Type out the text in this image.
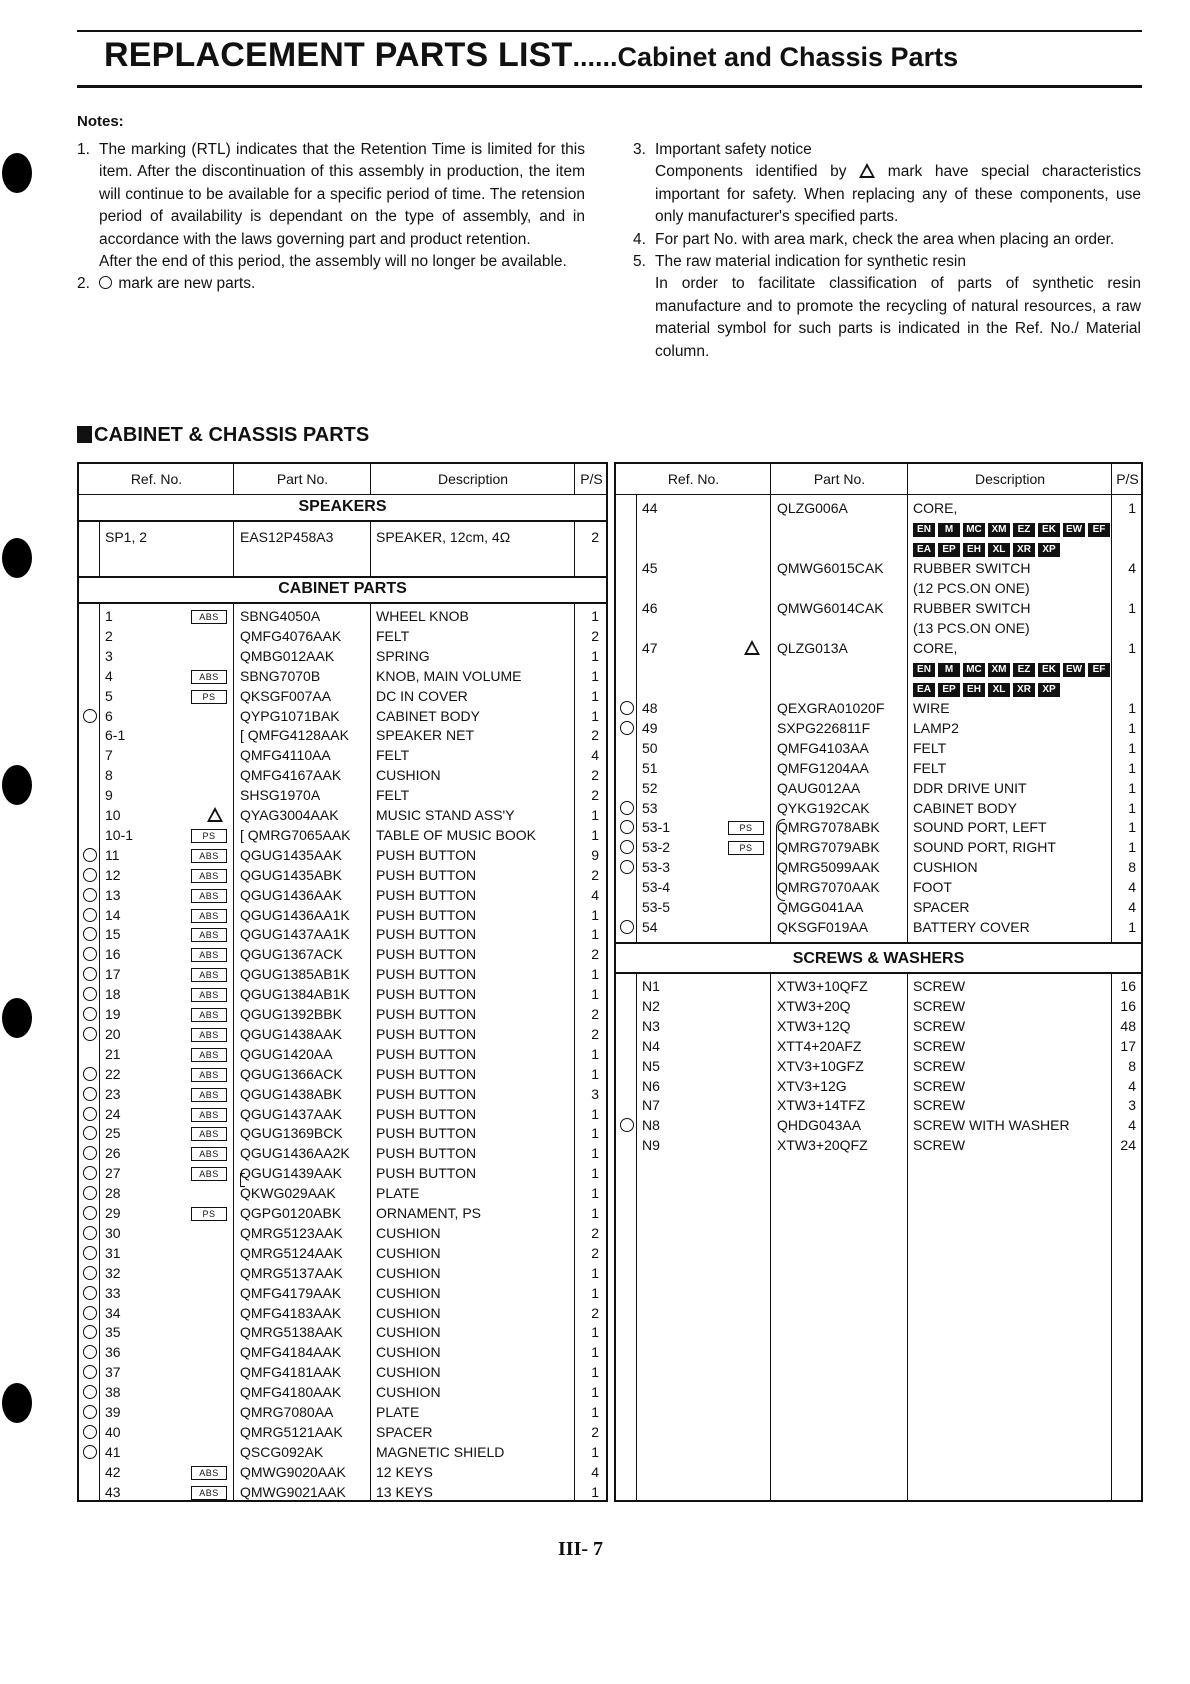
REPLACEMENT PARTS LIST......Cabinet and Chassis Parts
Notes:
1. The marking (RTL) indicates that the Retention Time is limited for this item. After the discontinuation of this assembly in production, the item will continue to be available for a specific period of time. The retension period of availability is dependant on the type of assembly, and in accordance with the laws governing part and product retention.

After the end of this period, the assembly will no longer be available.

2.	mark are new parts.

3. Important safety notice

Components identified by	mark have special characteristics important for safety. When replacing any of these components, use only manufacturer's specified parts.

4. For part No. with area mark, check the area when placing an order.

5. The raw material indication for synthetic resin

In order to facilitate classification of parts of synthetic resin manufacture and to promote the recycling of natural resources, a raw material symbol for such parts is indicated in the Ref. No./ Material column.

CABINET & CHASSIS PARTS
Ref. No.	Part No.	Description	P/S
SPEAKERS
SP1, 2	EAS12P458A3	SPEAKER, 12cm, 4Ω	2
CABINET PARTS
1	ABS	SBNG4050A	WHEEL KNOB	1
2	QMFG4076AAK FELT	2
3	QMBG012AAK	SPRING	1
4	ABS	SBNG7070B	KNOB, MAIN VOLUME	1
5	PS	QKSGF007AA	DC IN COVER	1
6	QYPG1071BAK	CABINET BODY	1
6-1	[ QMFG4128AAK SPEAKER NET	2
7	QMFG4110AA	FELT	4
8	QMFG4167AAK CUSHION	2
9	SHSG1970A	FELT	2
10	QYAG3004AAK	MUSIC STAND ASS'Y	1
10-1	PS	[ QMRG7065AAK TABLE OF MUSIC BOOK	1
11	ABS	QGUG1435AAK PUSH BUTTON	9
12	ABS	QGUG1435ABK PUSH BUTTON	2
13	ABS	QGUG1436AAK PUSH BUTTON	4
14	ABS	QGUG1436AA1K PUSH BUTTON	1
15	ABS	QGUG1437AA1K PUSH BUTTON	1
16	ABS	QGUG1367ACK PUSH BUTTON	2
17	ABS	QGUG1385AB1K PUSH BUTTON	1
18	ABS	QGUG1384AB1K PUSH BUTTON	1
19	ABS	QGUG1392BBK PUSH BUTTON	2
20	ABS	QGUG1438AAK PUSH BUTTON	2
21	ABS	QGUG1420AA	PUSH BUTTON	1
22	ABS	QGUG1366ACK PUSH BUTTON	1
23	ABS	QGUG1438ABK PUSH BUTTON	3
24	ABS	QGUG1437AAK PUSH BUTTON	1
25	ABS	QGUG1369BCK PUSH BUTTON	1
26	ABS	QGUG1436AA2K PUSH BUTTON	1
27	ABS	QGUG1439AAK PUSH BUTTON	1
28	QKWG029AAK	PLATE	1
29	PS	QGPG0120ABK ORNAMENT, PS	1
30	QMRG5123AAK CUSHION	2
31	QMRG5124AAK CUSHION	2
32	QMRG5137AAK CUSHION	1
33	QMFG4179AAK CUSHION	1
34	QMFG4183AAK CUSHION	2
35	QMRG5138AAK CUSHION	1
36	QMFG4184AAK CUSHION	1
37	QMFG4181AAK CUSHION	1
38	QMFG4180AAK CUSHION	1
39	QMRG7080AA	PLATE	1
40	QMRG5121AAK SPACER	2
41	QSCG092AK	MAGNETIC SHIELD	1
42	ABS	QMWG9020AAK 12 KEYS	4
43	ABS	QMWG9021AAK 13 KEYS	1
Ref. No.	Part No.	Description	P/S
SCREWS & WASHERS
44	QLZG006A	CORE,	1
EN M MC XM EZ EK EW EF
EA EP EH XL XR XP
45	QMWG6015CAK RUBBER SWITCH	4
(12 PCS.ON ONE)
46	QMWG6014CAK RUBBER SWITCH	1
(13 PCS.ON ONE)
47	QLZG013A	CORE,	1
EN M MC XM EZ EK EW EF
EA EP EH XL XR XP
48	QEXGRA01020F WIRE	1
49	SXPG226811F	LAMP2	1
50	QMFG4103AA	FELT	1
51	QMFG1204AA	FELT	1
52	QAUG012AA	DDR DRIVE UNIT	1
53	QYKG192CAK	CABINET BODY	1
53-1	PS	QMRG7078ABK SOUND PORT, LEFT	1
53-2	PS	QMRG7079ABK SOUND PORT, RIGHT	1
53-3	QMRG5099AAK CUSHION	8
53-4	QMRG7070AAK FOOT	4
53-5	QMGG041AA	SPACER	4
54	QKSGF019AA	BATTERY COVER	1
N1	XTW3+10QFZ	SCREW	16
N2	XTW3+20Q	SCREW	16
N3	XTW3+12Q	SCREW	48
N4	XTT4+20AFZ	SCREW	17
N5	XTV3+10GFZ	SCREW	8
N6	XTV3+12G	SCREW	4
N7	XTW3+14TFZ	SCREW	3
N8	QHDG043AA	SCREW WITH WASHER	4
N9	XTW3+20QFZ	SCREW	24
III- 7
